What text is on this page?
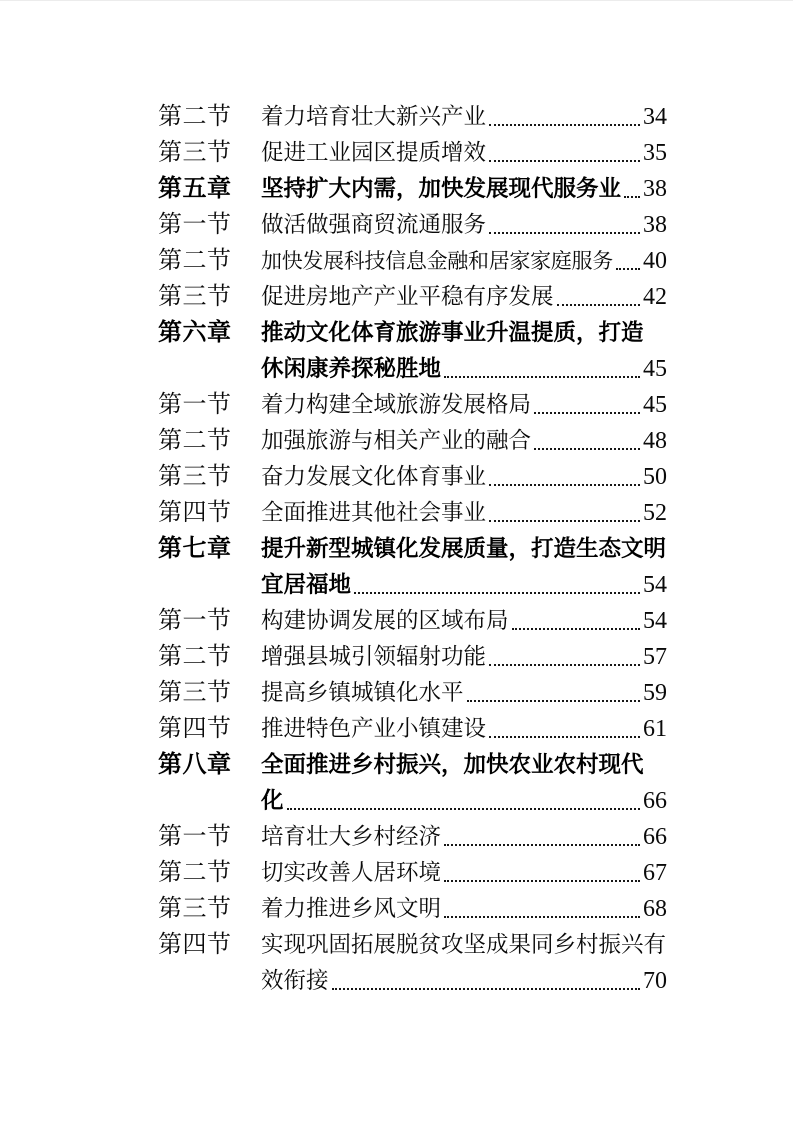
第二节	着力培育壮大新兴产业	34
第三节	促进工业园区提质增效	35
第五章	坚持扩大内需，加快发展现代服务业 38
第一节	做活做强商贸流通服务	38
第二节	加快发展科技信息金融和居家家庭服务 40
第三节	促进房地产产业平稳有序发展	42
第六章	推动文化体育旅游事业升温提质，打造
休闲康养探秘胜地	45
第一节	着力构建全域旅游发展格局	45
第二节	加强旅游与相关产业的融合	48
第三节	奋力发展文化体育事业	50
第四节	全面推进其他社会事业	52
第七章	提升新型城镇化发展质量，打造生态文明
宜居福地	54
第一节	构建协调发展的区域布局	54
第二节	增强县城引领辐射功能	57
第三节	提高乡镇城镇化水平	59
第四节	推进特色产业小镇建设	61
第八章	全面推进乡村振兴，加快农业农村现代
化	66
第一节	培育壮大乡村经济	66
第二节	切实改善人居环境	67
第三节	着力推进乡风文明	68
第四节	实现巩固拓展脱贫攻坚成果同乡村振兴有
效衔接	70
